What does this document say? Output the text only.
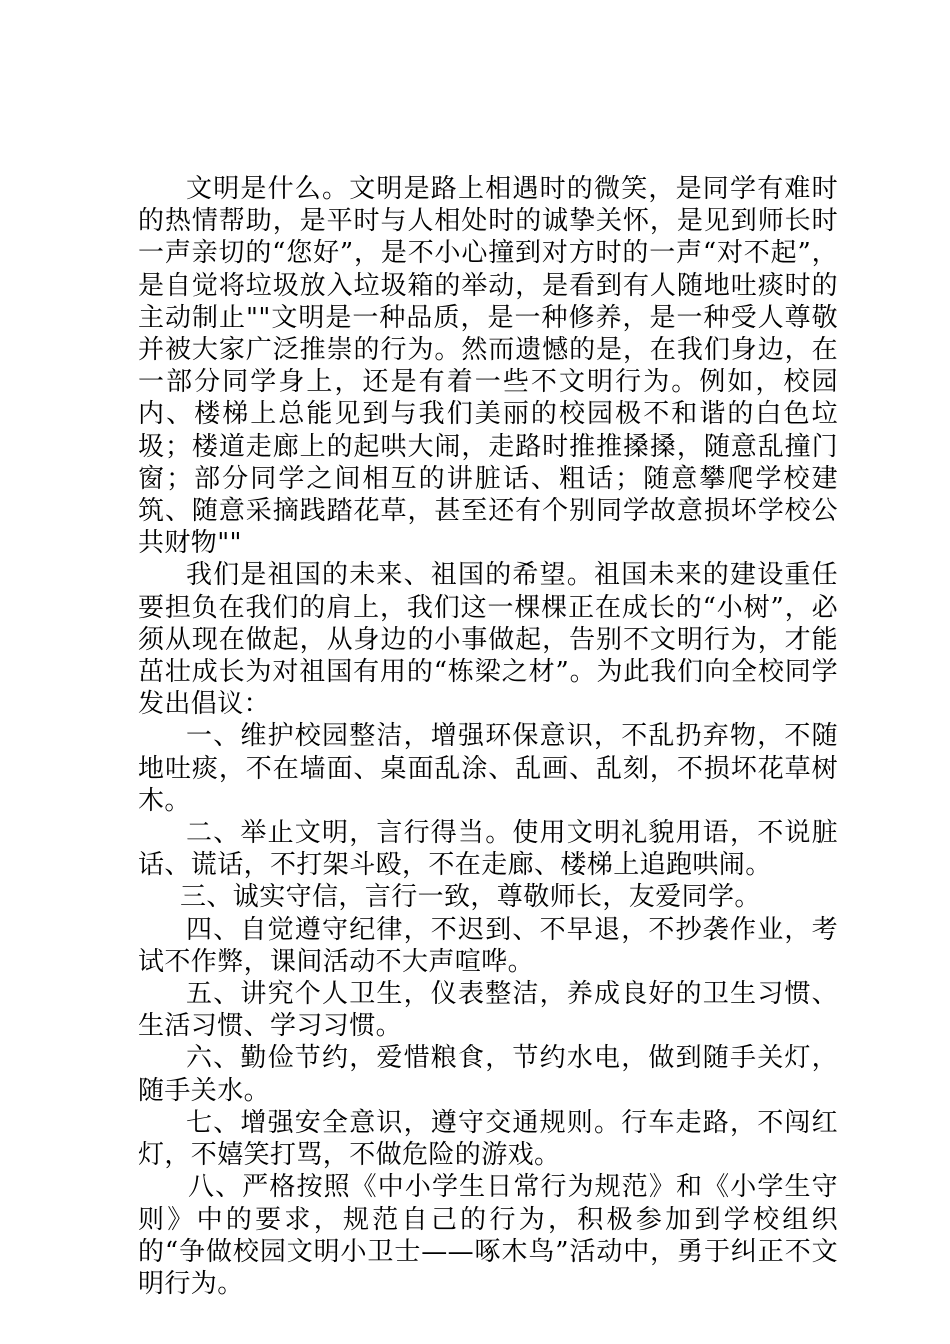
文明是什么。文明是路上相遇时的微笑，是同学有难时的热情帮助，是平时与人相处时的诚挚关怀，是见到师长时一声亲切的“您好”，是不小心撞到对方时的一声“对不起”，是自觉将垃圾放入垃圾箱的举动，是看到有人随地吐痰时的主动制止""文明是一种品质，是一种修养，是一种受人尊敬并被大家广泛推崇的行为。然而遗憾的是，在我们身边，在一部分同学身上，还是有着一些不文明行为。例如，校园内、楼梯上总能见到与我们美丽的校园极不和谐的白色垃圾；楼道走廊上的起哄大闹，走路时推推搡搡，随意乱撞门窗；部分同学之间相互的讲脏话、粗话；随意攀爬学校建筑、随意采摘践踏花草，甚至还有个别同学故意损坏学校公共财物""

我们是祖国的未来、祖国的希望。祖国未来的建设重任要担负在我们的肩上，我们这一棵棵正在成长的“小树”，必须从现在做起，从身边的小事做起，告别不文明行为，才能茁壮成长为对祖国有用的“栋梁之材”。为此我们向全校同学发出倡议：

一、维护校园整洁，增强环保意识，不乱扔弃物，不随地吐痰，不在墙面、桌面乱涂、乱画、乱刻，不损坏花草树木。

二、举止文明，言行得当。使用文明礼貌用语，不说脏话、谎话，不打架斗殴，不在走廊、楼梯上追跑哄闹。

三、诚实守信，言行一致，尊敬师长，友爱同学。

四、自觉遵守纪律，不迟到、不早退，不抄袭作业，考试不作弊，课间活动不大声喧哗。

五、讲究个人卫生，仪表整洁，养成良好的卫生习惯、生活习惯、学习习惯。

六、勤俭节约，爱惜粮食，节约水电，做到随手关灯，随手关水。

七、增强安全意识，遵守交通规则。行车走路，不闯红灯，不嬉笑打骂，不做危险的游戏。

八、严格按照《中小学生日常行为规范》和《小学生守则》中的要求，规范自己的行为，积极参加到学校组织的“争做校园文明小卫士——啄木鸟”活动中，勇于纠正不文明行为。
